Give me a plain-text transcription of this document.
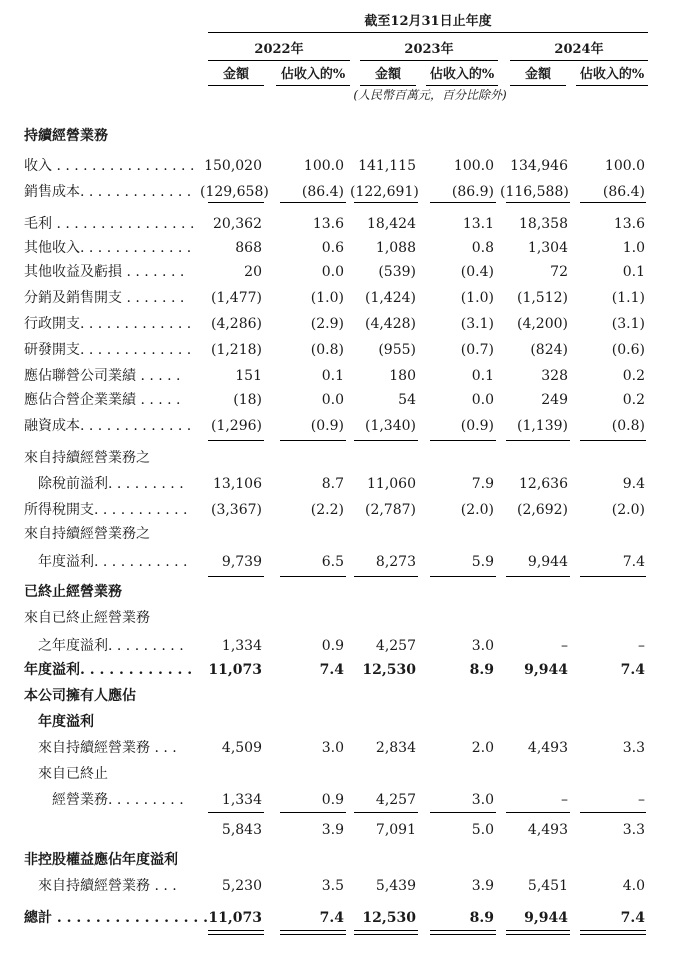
截至12月31日止年度
2022年	2023年	2024年
金額	佔收入的%	金額	佔收入的%	金額	佔收入的%
(人民幣百萬元，百分比除外)
持續經營業務
收入 . . . . . . . . . . . . . . . . 150,020	100.0	141,115	100.0	134,946	100.0
銷售成本. . . . . . . . . . . . . (129,658)	(86.4) (122,691)	(86.9) (116,588)	(86.4)
毛利 . . . . . . . . . . . . . . . .	20,362	13.6	18,424	13.1	18,358	13.6
其他收入. . . . . . . . . . . . .	868	0.6	1,088	0.8	1,304	1.0
其他收益及虧損 . . . . . . .	20	0.0	(539)	(0.4)	72	0.1
分銷及銷售開支 . . . . . . .	(1,477)	(1.0)	(1,424)	(1.0)	(1,512)	(1.1)
行政開支. . . . . . . . . . . . .	(4,286)	(2.9)	(4,428)	(3.1)	(4,200)	(3.1)
研發開支. . . . . . . . . . . . .	(1,218)	(0.8)	(955)	(0.7)	(824)	(0.6)
應佔聯營公司業績 . . . . .	151	0.1	180	0.1	328	0.2
應佔合營企業業績 . . . . .	(18)	0.0	54	0.0	249	0.2
融資成本. . . . . . . . . . . . .	(1,296)	(0.9)	(1,340)	(0.9)	(1,139)	(0.8)
來自持續經營業務之
除稅前溢利. . . . . . . . .	13,106	8.7	11,060	7.9	12,636	9.4
所得稅開支. . . . . . . . . . .	(3,367)	(2.2)	(2,787)	(2.0)	(2,692)	(2.0)
來自持續經營業務之
年度溢利. . . . . . . . . . .	9,739	6.5	8,273	5.9	9,944	7.4
已終止經營業務
來自已終止經營業務
之年度溢利. . . . . . . . .	1,334	0.9	4,257	3.0	–	–
年度溢利. . . . . . . . . . . .	11,073	7.4	12,530	8.9	9,944	7.4
本公司擁有人應佔
年度溢利
來自持續經營業務 . . .	4,509	3.0	2,834	2.0	4,493	3.3
來自已終止
經營業務. . . . . . . . .	1,334	0.9	4,257	3.0	–	–
5,843	3.9	7,091	5.0	4,493	3.3
非控股權益應佔年度溢利
來自持續經營業務 . . .	5,230	3.5	5,439	3.9	5,451	4.0
總計 . . . . . . . . . . . . . . . . 11,073	7.4	12,530	8.9	9,944	7.4
